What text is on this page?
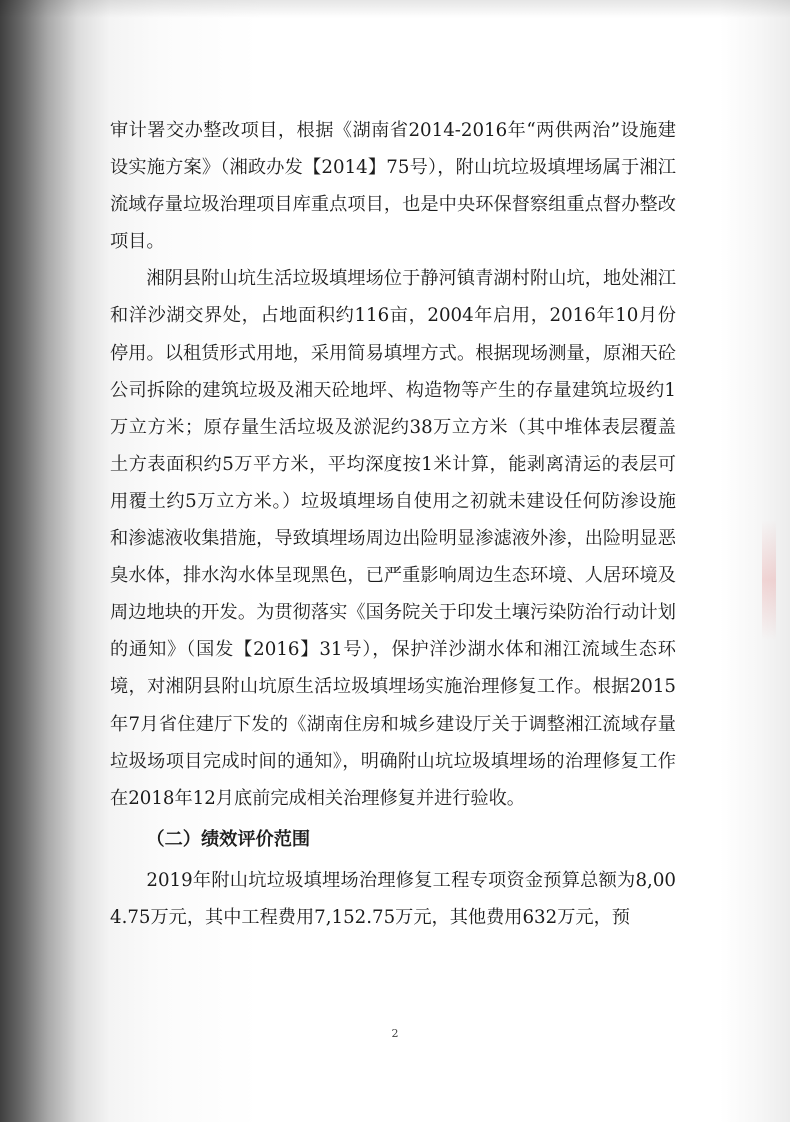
审计署交办整改项目，根据《湖南省2014-2016年“两供两治”设施建设实施方案》（湘政办发【2014】75号），附山坑垃圾填埋场属于湘江流域存量垃圾治理项目库重点项目，也是中央环保督察组重点督办整改项目。

湘阴县附山坑生活垃圾填埋场位于静河镇青湖村附山坑，地处湘江和洋沙湖交界处，占地面积约116亩，2004年启用，2016年10月份停用。以租赁形式用地，采用简易填埋方式。根据现场测量，原湘天砼公司拆除的建筑垃圾及湘天砼地坪、构造物等产生的存量建筑垃圾约1万立方米；原存量生活垃圾及淤泥约38万立方米（其中堆体表层覆盖土方表面积约5万平方米，平均深度按1米计算，能剥离清运的表层可用覆土约5万立方米。）垃圾填埋场自使用之初就未建设任何防渗设施和渗滤液收集措施，导致填埋场周边出险明显渗滤液外渗，出险明显恶臭水体，排水沟水体呈现黑色，已严重影响周边生态环境、人居环境及周边地块的开发。为贯彻落实《国务院关于印发土壤污染防治行动计划的通知》（国发【2016】31号），保护洋沙湖水体和湘江流域生态环境，对湘阴县附山坑原生活垃圾填埋场实施治理修复工作。根据2015年7月省住建厅下发的《湖南住房和城乡建设厅关于调整湘江流域存量垃圾场项目完成时间的通知》，明确附山坑垃圾填埋场的治理修复工作在2018年12月底前完成相关治理修复并进行验收。

（二）绩效评价范围

2019年附山坑垃圾填埋场治理修复工程专项资金预算总额为8,004.75万元，其中工程费用7,152.75万元，其他费用632万元，预

2
